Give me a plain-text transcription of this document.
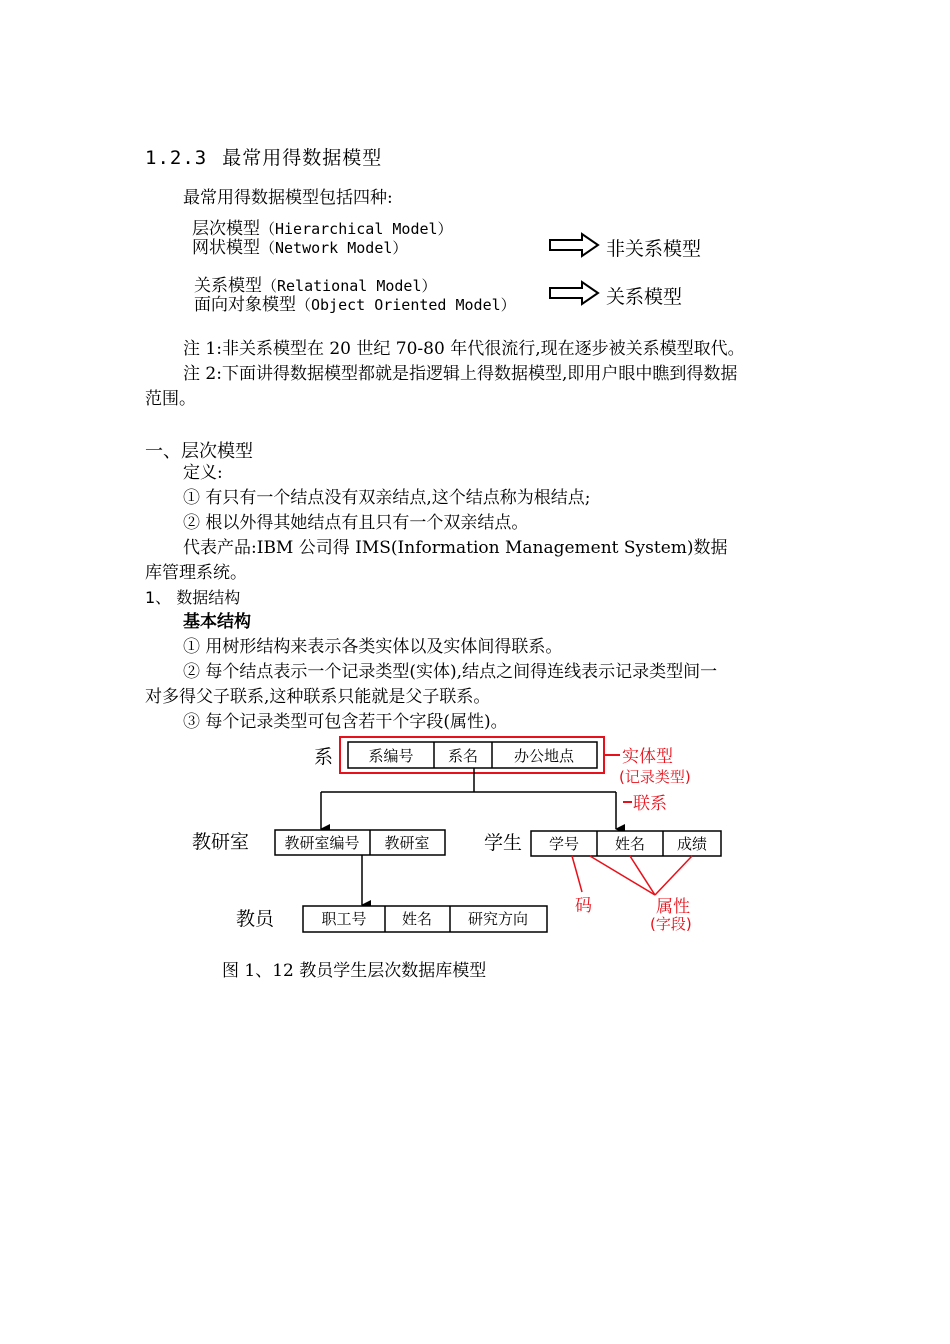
1.2.3 最常用得数据模型
最常用得数据模型包括四种:
层次模型（Hierarchical Model）
网状模型（Network Model）
关系模型（Relational Model）
面向对象模型（Object Oriented Model）
非关系模型
关系模型
注 1:非关系模型在 20 世纪 70-80 年代很流行,现在逐步被关系模型取代。
注 2:下面讲得数据模型都就是指逻辑上得数据模型,即用户眼中瞧到得数据
范围。
一、层次模型
定义:
① 有只有一个结点没有双亲结点,这个结点称为根结点;
② 根以外得其她结点有且只有一个双亲结点。
代表产品:IBM 公司得 IMS(Information Management System)数据
库管理系统。
1、 数据结构
基本结构
① 用树形结构来表示各类实体以及实体间得联系。
② 每个结点表示一个记录类型(实体),结点之间得连线表示记录类型间一
对多得父子联系,这种联系只能就是父子联系。
③ 每个记录类型可包含若干个字段(属性)。
系 系编号 系名 办公地点	实体型
(记录类型)
联系
教研室 教研室编号 教研室	学生 学号 姓名 成绩
教员	职工号 姓名 研究方向
码	属性
(字段)
图 1、12 教员学生层次数据库模型
